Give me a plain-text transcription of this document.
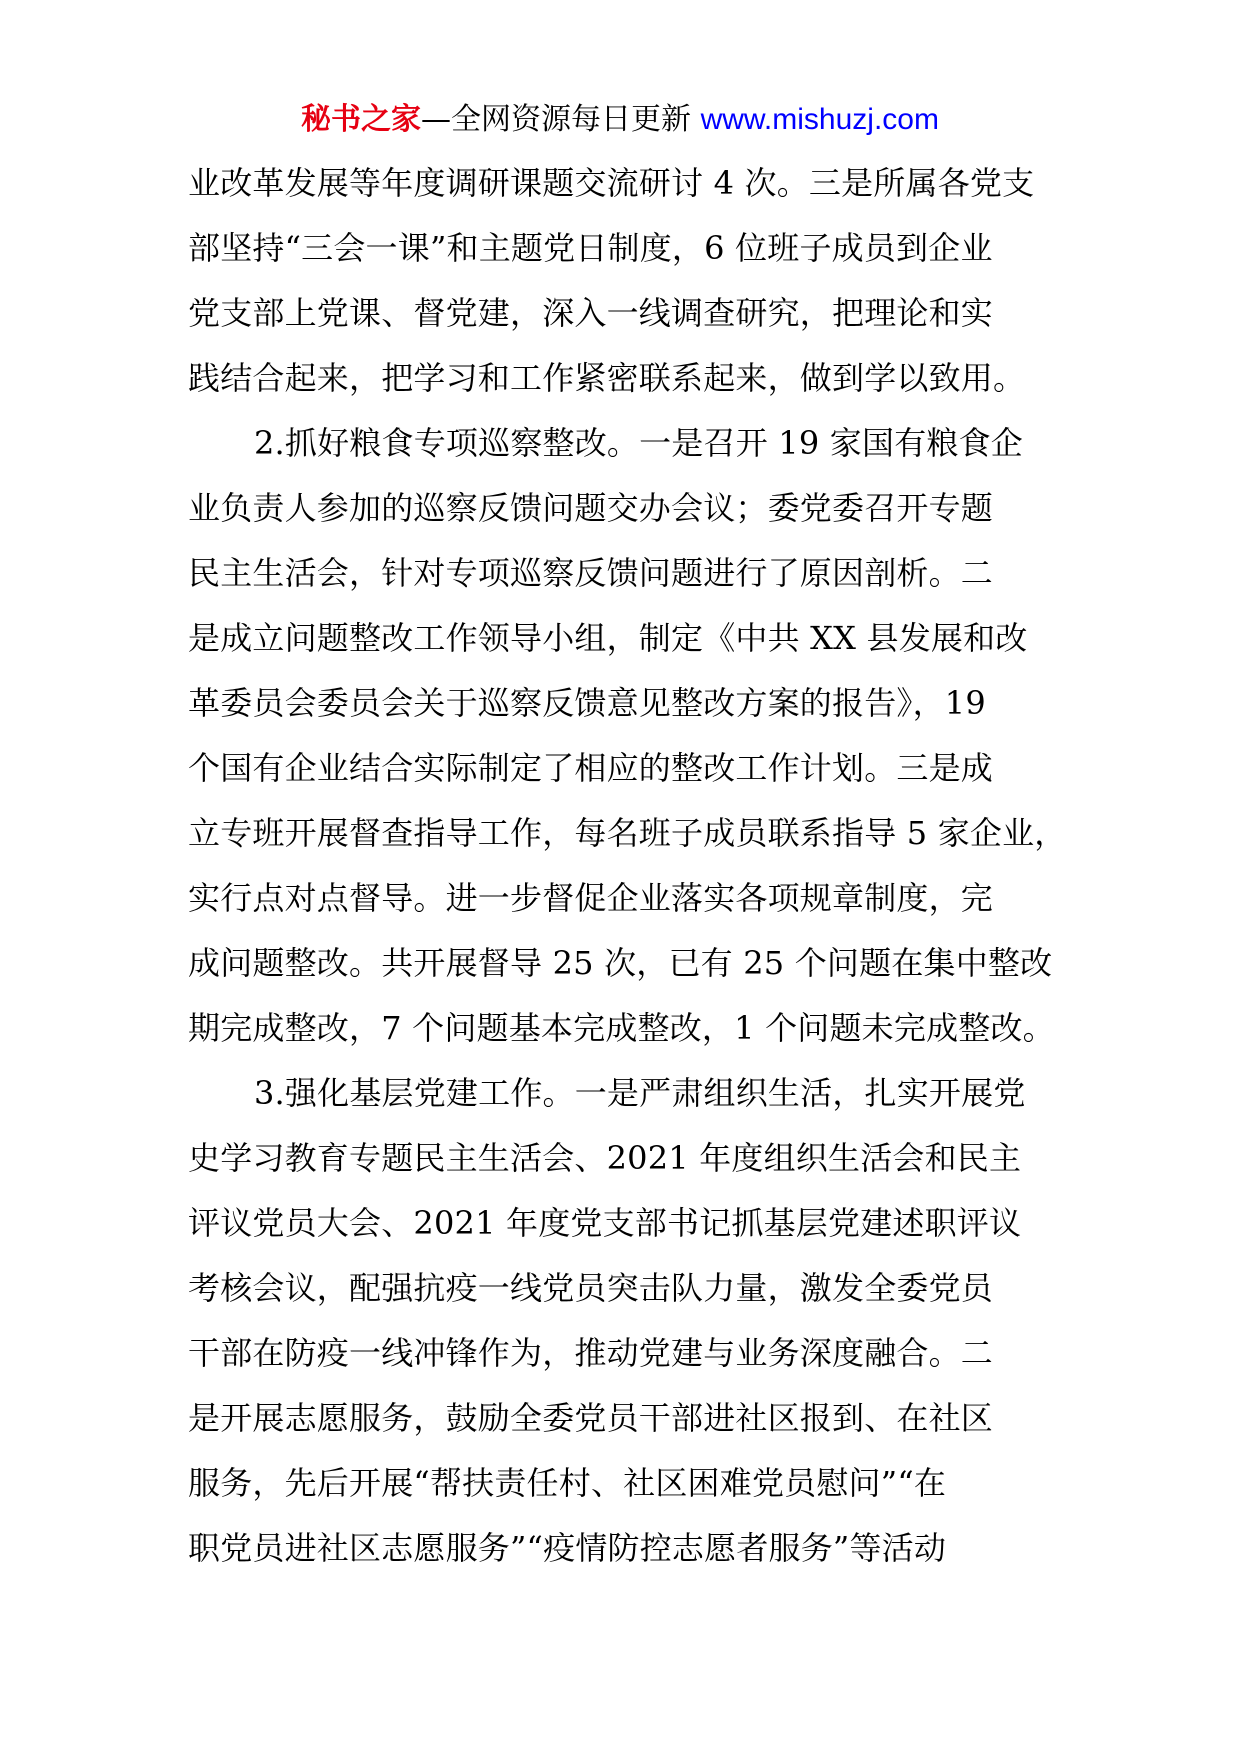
秘书之家—全网资源每日更新 www.mishuzj.com
业改革发展等年度调研课题交流研讨 4 次。三是所属各党支
部坚持“三会一课”和主题党日制度，6 位班子成员到企业
党支部上党课、督党建，深入一线调查研究，把理论和实
践结合起来，把学习和工作紧密联系起来，做到学以致用。
2.抓好粮食专项巡察整改。一是召开 19 家国有粮食企
业负责人参加的巡察反馈问题交办会议；委党委召开专题
民主生活会，针对专项巡察反馈问题进行了原因剖析。二
是成立问题整改工作领导小组，制定《中共 XX 县发展和改
革委员会委员会关于巡察反馈意见整改方案的报告》，19
个国有企业结合实际制定了相应的整改工作计划。三是成
立专班开展督查指导工作，每名班子成员联系指导 5 家企业，
实行点对点督导。进一步督促企业落实各项规章制度，完
成问题整改。共开展督导 25 次，已有 25 个问题在集中整改
期完成整改，7 个问题基本完成整改，1 个问题未完成整改。
3.强化基层党建工作。一是严肃组织生活，扎实开展党
史学习教育专题民主生活会、2021 年度组织生活会和民主
评议党员大会、2021 年度党支部书记抓基层党建述职评议
考核会议，配强抗疫一线党员突击队力量，激发全委党员
干部在防疫一线冲锋作为，推动党建与业务深度融合。二
是开展志愿服务，鼓励全委党员干部进社区报到、在社区
服务，先后开展“帮扶责任村、社区困难党员慰问”“在
职党员进社区志愿服务”“疫情防控志愿者服务”等活动
